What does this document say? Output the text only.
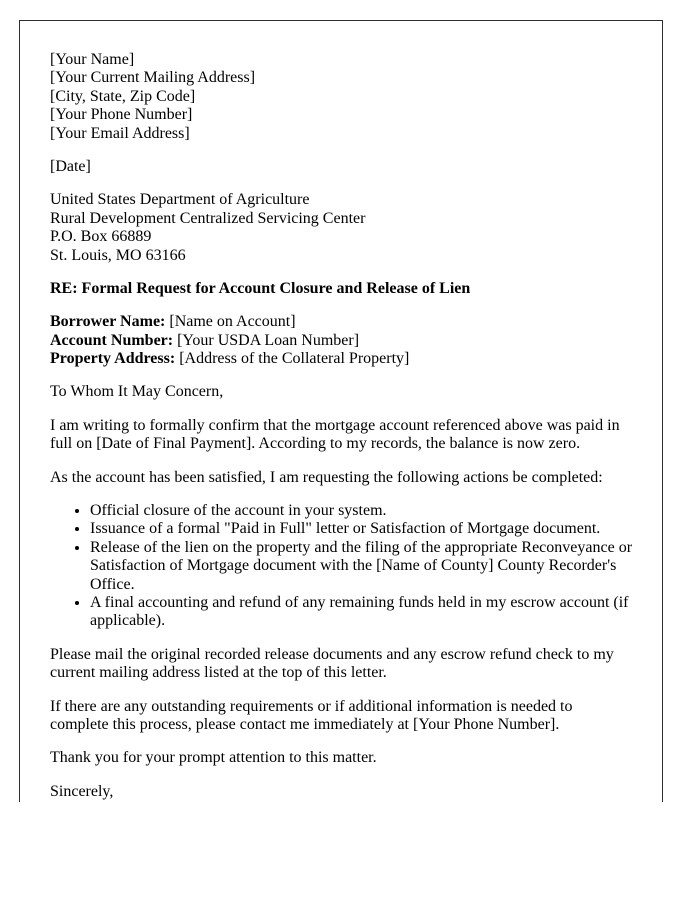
[Your Name]
[Your Current Mailing Address]
[City, State, Zip Code]
[Your Phone Number]
[Your Email Address]

[Date]

United States Department of Agriculture
Rural Development Centralized Servicing Center
P.O. Box 66889
St. Louis, MO 63166

RE: Formal Request for Account Closure and Release of Lien

Borrower Name: [Name on Account]
Account Number: [Your USDA Loan Number]
Property Address: [Address of the Collateral Property]

To Whom It May Concern,

I am writing to formally confirm that the mortgage account referenced above was paid in full on [Date of Final Payment]. According to my records, the balance is now zero.

As the account has been satisfied, I am requesting the following actions be completed:

• Official closure of the account in your system.
• Issuance of a formal "Paid in Full" letter or Satisfaction of Mortgage document.
• Release of the lien on the property and the filing of the appropriate Reconveyance or Satisfaction of Mortgage document with the [Name of County] County Recorder's Office.
• A final accounting and refund of any remaining funds held in my escrow account (if applicable).

Please mail the original recorded release documents and any escrow refund check to my current mailing address listed at the top of this letter.

If there are any outstanding requirements or if additional information is needed to complete this process, please contact me immediately at [Your Phone Number].

Thank you for your prompt attention to this matter.

Sincerely,
